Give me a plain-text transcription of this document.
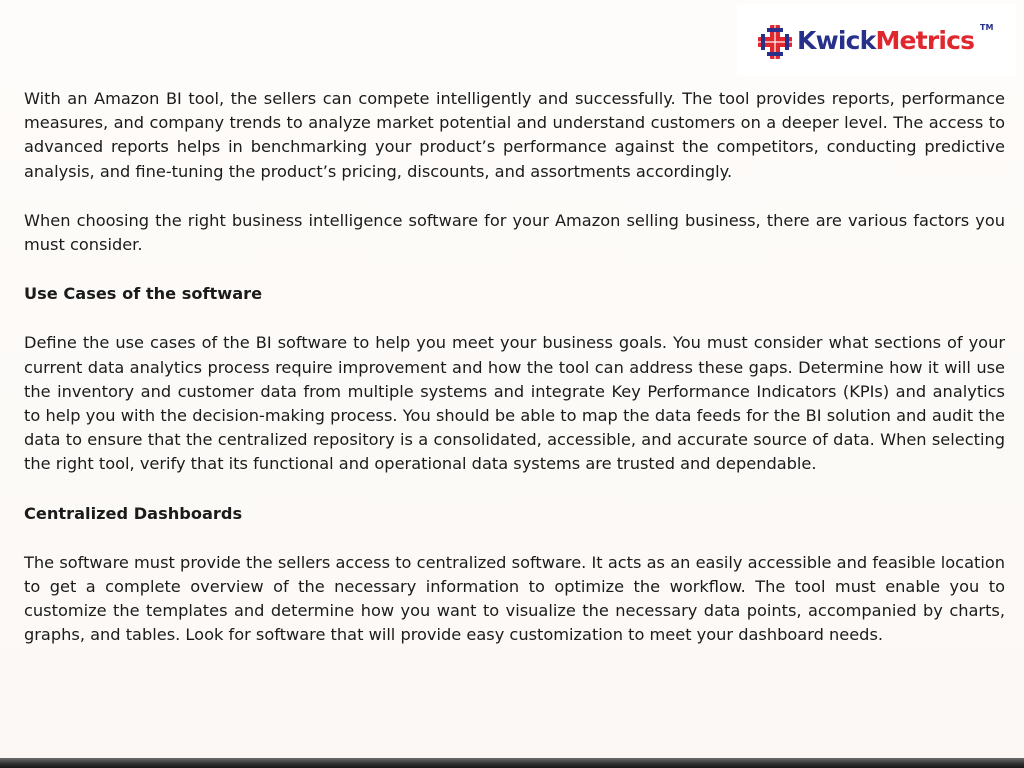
KwickMetrics TM

With an Amazon BI tool, the sellers can compete intelligently and successfully. The tool provides reports, performance measures, and company trends to analyze market potential and understand customers on a deeper level. The access to advanced reports helps in benchmarking your product’s performance against the competitors, conducting predictive analysis, and fine-tuning the product’s pricing, discounts, and assortments accordingly.

When choosing the right business intelligence software for your Amazon selling business, there are various factors you must consider.

Use Cases of the software

Define the use cases of the BI software to help you meet your business goals. You must consider what sections of your current data analytics process require improvement and how the tool can address these gaps. Determine how it will use the inventory and customer data from multiple systems and integrate Key Performance Indicators (KPIs) and analytics to help you with the decision-making process. You should be able to map the data feeds for the BI solution and audit the data to ensure that the centralized repository is a consolidated, accessible, and accurate source of data. When selecting the right tool, verify that its functional and operational data systems are trusted and dependable.

Centralized Dashboards

The software must provide the sellers access to centralized software. It acts as an easily accessible and feasible location to get a complete overview of the necessary information to optimize the workflow. The tool must enable you to customize the templates and determine how you want to visualize the necessary data points, accompanied by charts, graphs, and tables. Look for software that will provide easy customization to meet your dashboard needs.
